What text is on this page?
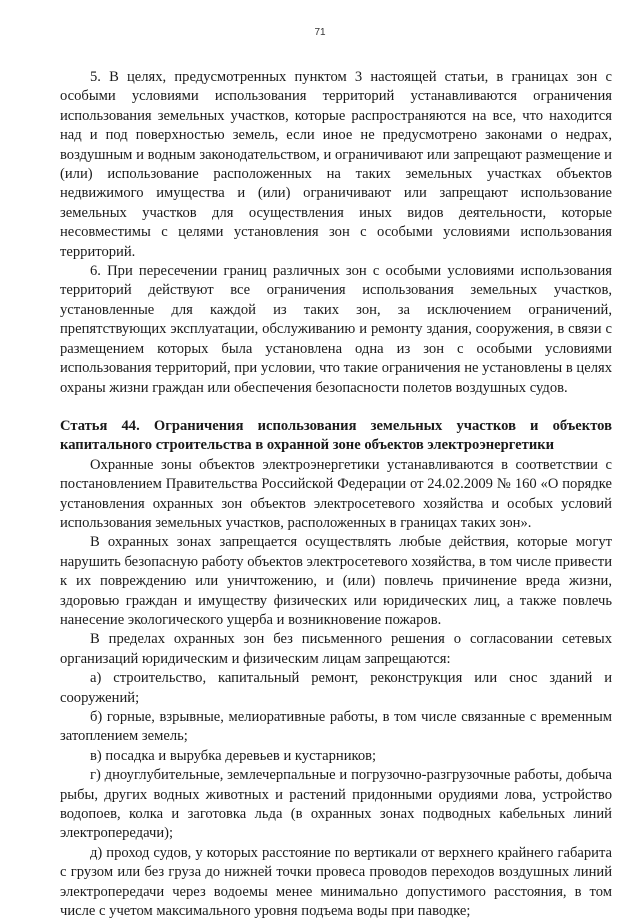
71

5. В целях, предусмотренных пунктом 3 настоящей статьи, в границах зон с особыми условиями использования территорий устанавливаются ограничения использования земельных участков, которые распространяются на все, что находится над и под поверхностью земель, если иное не предусмотрено законами о недрах, воздушным и водным законодательством, и ограничивают или запрещают размещение и (или) использование расположенных на таких земельных участках объектов недвижимого имущества и (или) ограничивают или запрещают использование земельных участков для осуществления иных видов деятельности, которые несовместимы с целями установления зон с особыми условиями использования территорий.

6. При пересечении границ различных зон с особыми условиями использования территорий действуют все ограничения использования земельных участков, установленные для каждой из таких зон, за исключением ограничений, препятствующих эксплуатации, обслуживанию и ремонту здания, сооружения, в связи с размещением которых была установлена одна из зон с особыми условиями использования территорий, при условии, что такие ограничения не установлены в целях охраны жизни граждан или обеспечения безопасности полетов воздушных судов.

Статья 44. Ограничения использования земельных участков и объектов капитального строительства в охранной зоне объектов электроэнергетики

Охранные зоны объектов электроэнергетики устанавливаются в соответствии с постановлением Правительства Российской Федерации от 24.02.2009 № 160 «О порядке установления охранных зон объектов электросетевого хозяйства и особых условий использования земельных участков, расположенных в границах таких зон».

В охранных зонах запрещается осуществлять любые действия, которые могут нарушить безопасную работу объектов электросетевого хозяйства, в том числе привести к их повреждению или уничтожению, и (или) повлечь причинение вреда жизни, здоровью граждан и имуществу физических или юридических лиц, а также повлечь нанесение экологического ущерба и возникновение пожаров.

В пределах охранных зон без письменного решения о согласовании сетевых организаций юридическим и физическим лицам запрещаются:

а) строительство, капитальный ремонт, реконструкция или снос зданий и сооружений;

б) горные, взрывные, мелиоративные работы, в том числе связанные с временным затоплением земель;

в) посадка и вырубка деревьев и кустарников;

г) дноуглубительные, землечерпальные и погрузочно-разгрузочные работы, добыча рыбы, других водных животных и растений придонными орудиями лова, устройство водопоев, колка и заготовка льда (в охранных зонах подводных кабельных линий электропередачи);

д) проход судов, у которых расстояние по вертикали от верхнего крайнего габарита с грузом или без груза до нижней точки провеса проводов переходов воздушных линий электропередачи через водоемы менее минимально допустимого расстояния, в том числе с учетом максимального уровня подъема воды при паводке;
